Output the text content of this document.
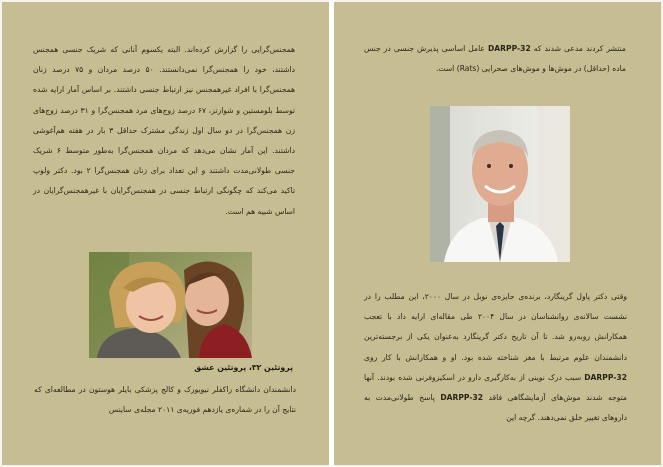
همجنس‌گرایی را گزارش کرده‌اند. البته یکسوم آنانی که شریک جنسی همجنس داشتند، خود را همجنس‌گرا نمی‌دانستند. ۵۰ درصد مردان و ۷۵ درصد زنان همجنس‌گرا با افراد غیرهمجنس نیز ارتباط جنسی داشتند. بر اساس آمار ارایه شده توسط بلومستین و شوارتز، ۶۷ درصد زوج‌های مرد همجنس‌گرا و ۳۱ درصد زوج‌های زن همجنس‌گرا در دو سال اول زندگی مشترک حداقل ۳ بار در هفته هم‌آغوشی داشتند. این آمار نشان می‌دهد که مردان همجنس‌گرا به‌طور متوسط ۶ شریک جنسی طولانی‌مدت داشتند و این تعداد برای زنان همجنس‌گرا ۲ بود. دکتر ولوپ تاکید می‌کند که چگونگی ارتباط جنسی در همجنس‌گرایان با غیرهمجنس‌گرایان در اساس شبیه هم است.

پروتئین ۳۲، پروتئین عشق

دانشمندان دانشگاه راکفلر نیویورک و کالج پزشکی بایلر هوستون در مطالعه‌ای که نتایج آن را در شماره‌ی یازدهم فوریه‌ی ۲۰۱۱ مجله‌ی ساینس

منتشر کردند مدعی شدند که DARPP-32 عامل اساسی پذیرش جنسی در جنس ماده (حداقل) در موش‌ها و موش‌های صحرایی (Rats) است.

وقتی دکتر پاول گرینگارد، برنده‌ی جایزه‌ی نوبل در سال ۲۰۰۰، این مطلب را در نشست سالانه‌ی روانشناسان در سال ۲۰۰۴ طی مقاله‌ای ارایه داد با تعجب همکارانش روبه‌رو شد. تا آن تاریخ دکتر گرینگارد به‌عنوان یکی از برجسته‌ترین دانشمندان علوم مرتبط با مغز شناخته شده بود. او و همکارانش با کار روی DARPP-32 سبب درک نوینی از به‌کارگیری دارو در اسکیزوفرنی شده بودند. آنها متوجه شدند موش‌های آزمایشگاهی فاقد DARPP-32 پاسخ طولانی‌مدت به داروهای تغییر خلق نمی‌دهند. گرچه این
